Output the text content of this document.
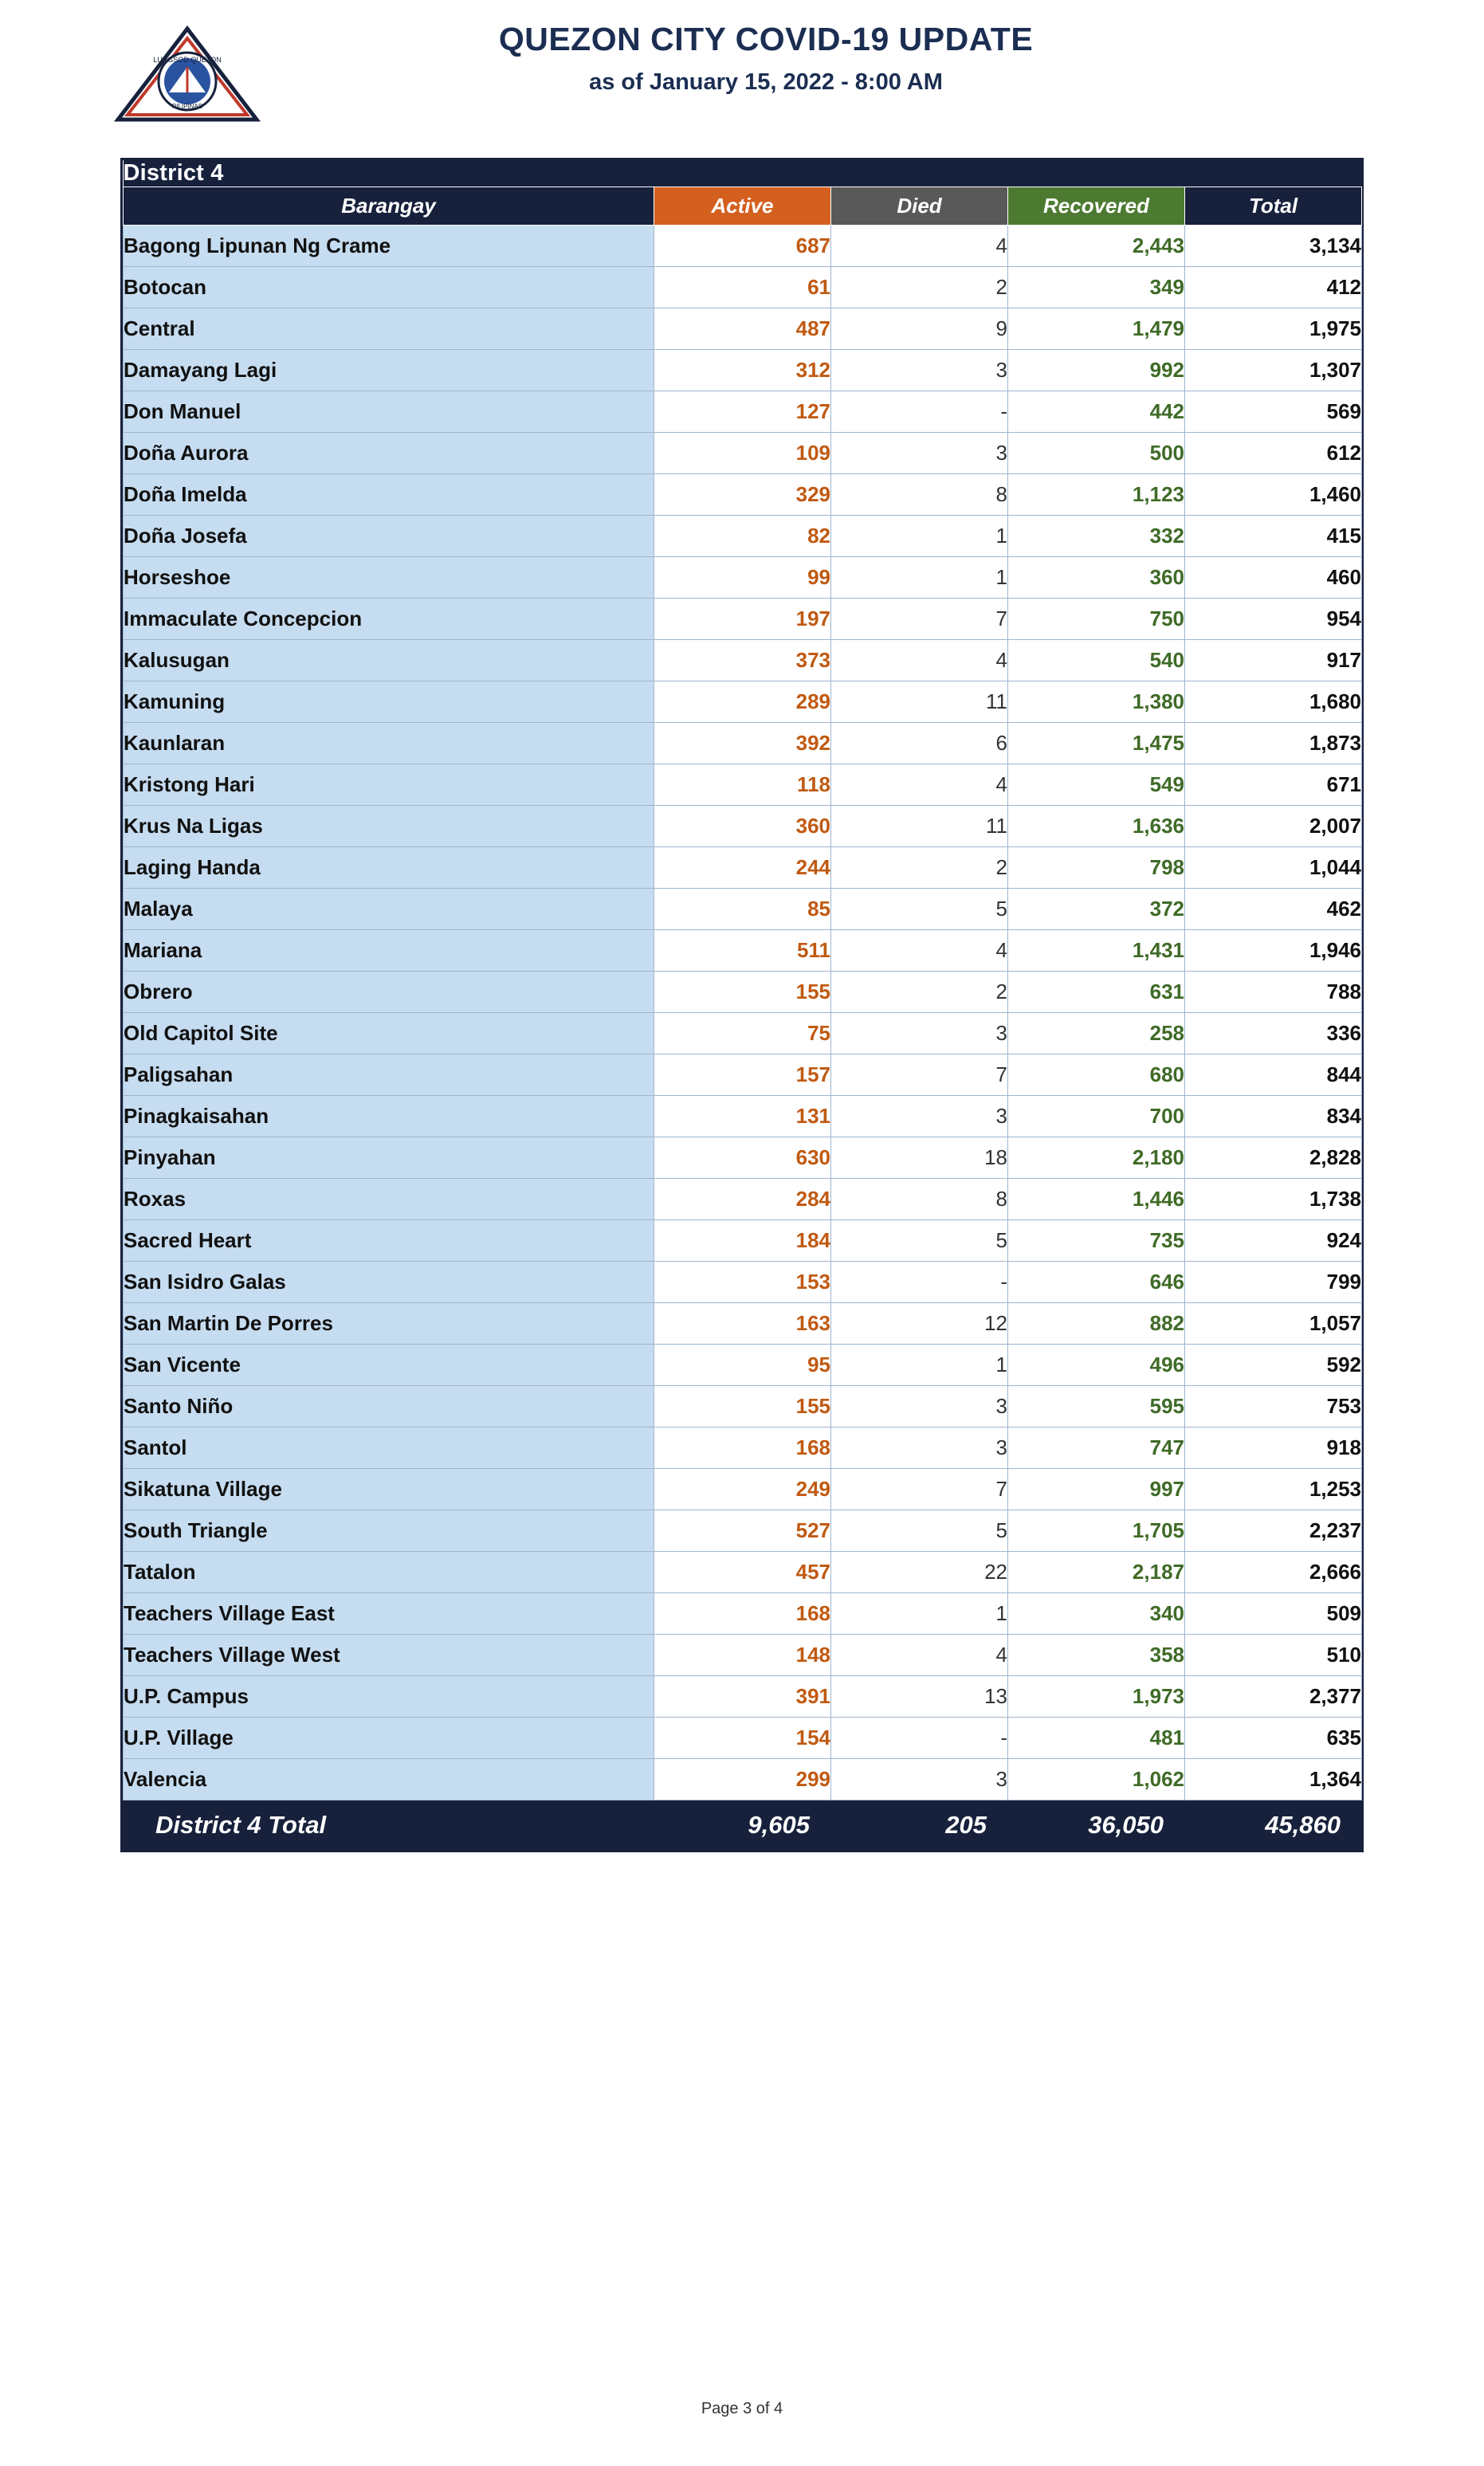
LUNGSOD QUEZON
PILIPINAS
QUEZON CITY COVID-19 UPDATE
as of January 15, 2022 - 8:00 AM
District 4				
Barangay	Active	Died	Recovered	Total
Bagong Lipunan Ng Crame	687	4	2,443	3,134
Botocan	61	2	349	412
Central	487	9	1,479	1,975
Damayang Lagi	312	3	992	1,307
Don Manuel	127	-	442	569
Doña Aurora	109	3	500	612
Doña Imelda	329	8	1,123	1,460
Doña Josefa	82	1	332	415
Horseshoe	99	1	360	460
Immaculate Concepcion	197	7	750	954
Kalusugan	373	4	540	917
Kamuning	289	11	1,380	1,680
Kaunlaran	392	6	1,475	1,873
Kristong Hari	118	4	549	671
Krus Na Ligas	360	11	1,636	2,007
Laging Handa	244	2	798	1,044
Malaya	85	5	372	462
Mariana	511	4	1,431	1,946
Obrero	155	2	631	788
Old Capitol Site	75	3	258	336
Paligsahan	157	7	680	844
Pinagkaisahan	131	3	700	834
Pinyahan	630	18	2,180	2,828
Roxas	284	8	1,446	1,738
Sacred Heart	184	5	735	924
San Isidro Galas	153	-	646	799
San Martin De Porres	163	12	882	1,057
San Vicente	95	1	496	592
Santo Niño	155	3	595	753
Santol	168	3	747	918
Sikatuna Village	249	7	997	1,253
South Triangle	527	5	1,705	2,237
Tatalon	457	22	2,187	2,666
Teachers Village East	168	1	340	509
Teachers Village West	148	4	358	510
U.P. Campus	391	13	1,973	2,377
U.P. Village	154	-	481	635
Valencia	299	3	1,062	1,364
District 4 Total	9,605	205	36,050	45,860
Page 3 of 4
